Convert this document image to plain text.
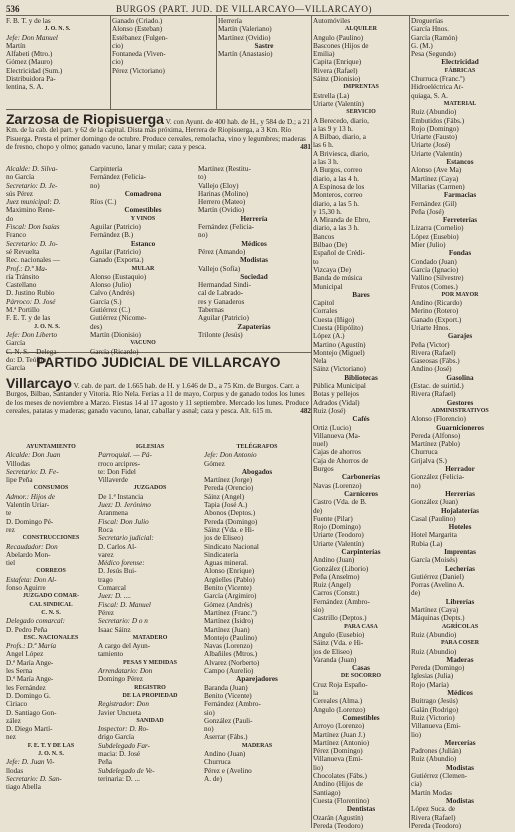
536	BURGOS (PART. JUD. DE VILLARCAYO—VILLARCAYO)

F. B. T. y de las

J. O. N. S.

Jefe: Don Manuel

Martín

Alfabeti (Mtro.)

Gómez (Mauro)

Electricidad (Sum.)

Distribuidora Pa-

lentina, S. A.

Ganado (Criado.)

Alonso (Esteban)

Estébanez (Fulgen-

cio)

Fontaneda (Viven-

cio)

Pérez (Victoriano)

Herrería

Martín (Valeriano)

Martínez (Ovidio)

Sastre

Martín (Anastasio)

Zarzosa de Riopisuerga V. con Ayunt. de 400 hab. de H., y 584 de D.; a 21 Km. de la cab. del part. y 62 de la capital. Dista más próxima, Herrera de Riopisuerga, a 3 Km. Río Pisuerga. Presta el primer domingo de octubre. Produce cereales, remolacha, vino y legumbres; maderas de fresno, chopo y olmo; ganado vacuno, lanar y mular; caza y pesca.	481

Alcalde: D. Silva-

no García

Secretario: D. Je-

sús Pérez

Juez municipal: D.

Maximino Rene-

do

Fiscal: Don Isaías

Franco

Secretario: D. Jo-

sé Revuelta

Rec. nacionales —

Prof.: D.ª Ma-

ría Tránsito

Castellano

D. Justino Rubio

Párroco: D. José

M.ª Portillo

F. E. T. y de las

J. O. N. S.

Jefe: Don Liberto

García

C. N. S.—Delega-

do: D. Teófilo

García

Carpintería

Fernández (Felicia-

no)

Comadrona

Ríos (C.)

Comestibles

Y VINOS

Aguilar (Patricio)

Fernández (B.)

Estanco

Aguilar (Patricio)

Ganado (Exporta.)

MULAR

Alonso (Eustaquio)

Alonso (Julio)

Calvo (Andrés)

García (S.)

Gutiérrez (C.)

Gutiérrez (Nicome-

des)

Martín (Dionisio)

VACUNO

García (Ricardo)

Martínez (Restitu-

to)

Vallejo (Eloy)

Harinas (Molino)

Herrero (Mateo)

Martín (Ovidio)

Herrería

Fernández (Felicia-

no)

Médicos

Pérez (Amando)

Modistas

Vallejo (Sofía)

Sociedad

Hermandad Sindi-

cal de Labrado-

res y Ganaderos

Tabernas

Aguilar (Patricio)

Zapaterías

Trilonte (Jesús)

PARTIDO JUDICIAL DE VILLARCAYO
Villarcayo V. cab. de part. de 1.665 hab. de H. y 1.646 de D., a 75 Km. de Burgos. Carr. a Burgos, Bilbao, Santander y Vitoria. Río Nela. Ferias a 11 de mayo, Corpus y de ganado todos los lunes de los meses de noviembre a Marzo. Fiestas 14 al 17 agosto y 11 septiembre. Mercado los lunes. Produce cereales, patatas y maderas; ganado vacuno, lanar, caballar y asnal; caza y pesca. Alt. 615 m.	482

AYUNTAMIENTO

Alcalde: Don Juan

Villodas

Secretario: D. Fe-

lipe Peña

CONSUMOS

Admor.: Hijos de

Valentín Uriar-

te

D. Domingo Pé-

rez

CONSTRUCCIONES

Recaudador: Don

Abelardo Mon-

tiel

CORREOS

Estafeta: Don Al-

fonso Aguirre

JUZGADO COMAR-

CAL SINDICAL

C. N. S.

Delegado comarcal:

D. Pedro Peña

ESC. NACIONALES

Profs.: D.ª María

Angel López

D.ª María Ange-

les Serna

D.ª María Ange-

les Fernández

D. Domingo G.

Ciriaco

D. Santiago Gon-

zález

D. Diego Martí-

nez

F. E. T. Y DE LAS

J. O. N. S.

Jefe: D. Juan Vi-

llodas

Secretario: D. San-

tiago Abella

IGLESIAS

Parroquial. — Pá-

rroco arcipres-

te: Don Fidel

Villaverde

JUZGADOS

De 1.ª Instancia

Juez: D. Jerónimo

Aranmena

Fiscal: Don Julio

Roca

Secretario judicial:

D. Carlos Al-

varez

Médico forense:

D. Jesús Bui-

trago

Comarcal

Juez: D. ....

Fiscal: D. Manuel

Pérez

Secretario: D o n

Isaac Sáinz

MATADERO

A cargo del Ayun-

tamiento

PESAS Y MEDIDAS

Arrendatario: Don

Domingo Pérez

REGISTRO

DE LA PROPIEDAD

Registrador: Don

Javier Uncueta

SANIDAD

Inspector: D. Ro-

drigo García

Subdelegado Far-

macia: D. José

Peña

Subdelegado de Ve-

terinaria: D. ...

TELÉGRAFOS

Jefe: Don Antonio

Gómez

Abogados

Martínez (Jorge)

Pereda (Orencio)

Sáinz (Angel)

Tapia (José A.)

Abonos (Deptos.)

Pereda (Domingo)

Sáinz (Vda. e Hi-

jos de Eliseo)

Sindicato Nacional

Sindicatería

Aguas mineral.

Alonso (Enrique)

Argüelles (Pablo)

Benito (Vicente)

García (Argimiro)

Gómez (Andrés)

Martínez (Franc.º)

Martínez (Isidro)

Martínez (Juan)

Montejo (Paulino)

Navas (Lorenzo)

Albañiles (Mtros.)

Alvarez (Norberto)

Campo (Aurelio)

Aparejadores

Baranda (Juan)

Benito (Vicente)

Fernández (Ambro-

sio)

González (Pauli-

no)

Aserrar (Fábs.)

MADERAS

Andino (Juan)

Churruca

Pérez e (Avelino

A. de)

Automóviles

ALQUILER

Angulo (Paulino)

Bascones (Hijos de

Emilia)

Capita (Enrique)

Rivera (Rafael)

Sáinz (Dionisio)

IMPRENTAS

Estrella (La)

Uriarte (Valentín)

SERVICIO

A Berecedo, diario,

a las 9 y 13 h.

A Bilbao, diario, a

las 6 h.

A Briviesca, diario,

a las 3 h.

A Burgos, correo

diario, a las 4 h.

A Espinosa de los

Monteros, correo

diario, a las 5 h.

y 15,30 h.

A Miranda de Ebro,

diario, a las 3 h.

Bancos

Bilbao (De)

Español de Crédi-

to

Vizcaya (De)

Banda de música

Municipal

Bares

Capitol

Corrales

Cuesta (Iñigo)

Cuesta (Hipólito)

López (A.)

Martino (Agustín)

Montejo (Miguel)

Nela

Sáinz (Victoriano)

Bibliotecas

Pública Municipal

Botas y pellejos

Adrados (Vidal)

Ruiz (José)

Cafés

Ortiz (Lucio)

Villanueva (Ma-

nuel)

Cajas de ahorros

Caja de Ahorros de

Burgos

Carbonerías

Navas (Lorenzo)

Carniceros

Castro (Vda. de B.

de)

Fuente (Pilar)

Rojo (Domingo)

Uriarte (Teodoro)

Uriarte (Valentín)

Carpinterías

Andino (Juan)

González (Liborio)

Peña (Anselmo)

Ruiz (Angel)

Carros (Constr.)

Fernández (Ambro-

sio)

Castrillo (Deptos.)

PARA CASA

Angulo (Eusebio)

Sáinz (Vda. e Hi-

jos de Eliseo)

Varanda (Juan)

Casas

DE SOCORRO

Cruz Roja Españo-

la

Cereales (Alma.)

Angulo (Lorenzo)

Comestibles

Arroyo (Lorenzo)

Martínez (Juan J.)

Martínez (Antonio)

Pérez (Domingo)

Villanueva (Emi-

lio)

Chocolates (Fábs.)

Andino (Hijos de

Santiago)

Cuesta (Florentino)

Dentistas

Ozarán (Agustín)

Pereda (Teodoro)

Droguerías

García Hnos.

García (Ramón)

G. (M.)

Pesa (Segundo)

Electricidad

FÁBRICAS

Churruca (Franc.º)

Hidroeléctrica Ar-

quiaga, S. A.

MATERIAL

Ruiz (Abundio)

Embutidos (Fábs.)

Rojo (Domingo)

Uriarte (Fausto)

Uriarte (José)

Uriarte (Valentín)

Estancos

Alonso (Ave Ma)

Martínez (Caya)

Villarias (Carmen)

Farmacias

Fernández (Gil)

Peña (José)

Ferreterías

Lizarra (Cornelio)

López (Eusebio)

Mier (Julio)

Fondas

Condado (Juan)

García (Ignacio)

Vallino (Silvestre)

Frutos (Comes.)

POR MAYOR

Andino (Ricardo)

Merino (Rotero)

Ganado (Export.)

Uriarte Hnos.

Garajes

Peña (Victor)

Rivera (Rafael)

Gaseosas (Fábs.)

Andino (José)

Gasolina

(Estac. de suirtid.)

Rivera (Rafael)

Gestores

ADMINISTRATIVOS

Alonso (Florencio)

Guarnicioneros

Pereda (Alfonso)

Martínez (Pablo)

Churruca

Grijalva (S.)

Herrador

González (Felicia-

no)

Herrerías

González (Juan)

Hojalaterías

Casal (Paulino)

Hoteles

Hotel Margarita

Rubia (La)

Imprentas

García (Moisés)

Lecherías

Gutiérrez (Daniel)

Porras (Avelino A.

de)

Librerías

Martínez (Caya)

Máquinas (Depts.)

AGRÍCOLAS

Ruiz (Abundio)

PARA COSER

Ruiz (Abundio)

Maderas

Pereda (Domingo)

Iglesias (Julia)

Rojo (María)

Médicos

Buitrago (Jesús)

Galán (Rodrigo)

Ruiz (Victorio)

Villanueva (Emi-

lio)

Mercerías

Padrones (Julián)

Ruiz (Abundio)

Modistas

Gutiérrez (Clemen-

cia)

Martín Modas

Modistas

López Suca. de

Rivera (Rafael)

Pereda (Teodoro)
